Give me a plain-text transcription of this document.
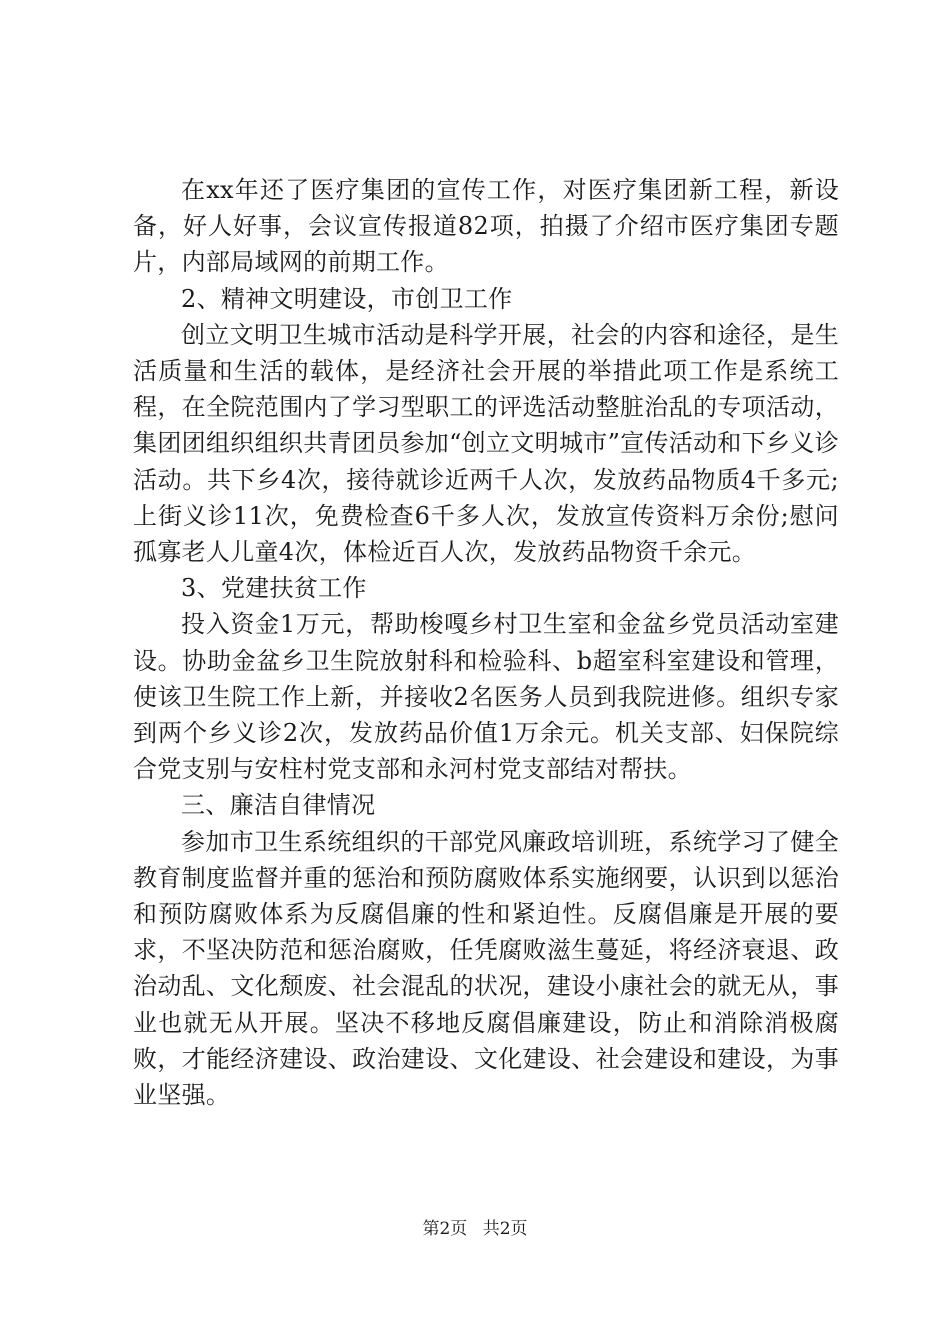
在xx年还了医疗集团的宣传工作，对医疗集团新工程，新设备，好人好事，会议宣传报道82项，拍摄了介绍市医疗集团专题片，内部局域网的前期工作。

2、精神文明建设，市创卫工作

创立文明卫生城市活动是科学开展，社会的内容和途径，是生活质量和生活的载体，是经济社会开展的举措此项工作是系统工程，在全院范围内了学习型职工的评选活动整脏治乱的专项活动，集团团组织组织共青团员参加“创立文明城市”宣传活动和下乡义诊活动。共下乡4次，接待就诊近两千人次，发放药品物质4千多元;上街义诊11次，免费检查6千多人次，发放宣传资料万余份;慰问孤寡老人儿童4次，体检近百人次，发放药品物资千余元。

3、党建扶贫工作

投入资金1万元，帮助梭嘎乡村卫生室和金盆乡党员活动室建设。协助金盆乡卫生院放射科和检验科、b超室科室建设和管理，使该卫生院工作上新，并接收2名医务人员到我院进修。组织专家到两个乡义诊2次，发放药品价值1万余元。机关支部、妇保院综合党支别与安柱村党支部和永河村党支部结对帮扶。

三、廉洁自律情况

参加市卫生系统组织的干部党风廉政培训班，系统学习了健全教育制度监督并重的惩治和预防腐败体系实施纲要，认识到以惩治和预防腐败体系为反腐倡廉的性和紧迫性。反腐倡廉是开展的要求，不坚决防范和惩治腐败，任凭腐败滋生蔓延，将经济衰退、政治动乱、文化颓废、社会混乱的状况，建设小康社会的就无从，事业也就无从开展。坚决不移地反腐倡廉建设，防止和消除消极腐败，才能经济建设、政治建设、文化建设、社会建设和建设，为事业坚强。

第2页 共2页
